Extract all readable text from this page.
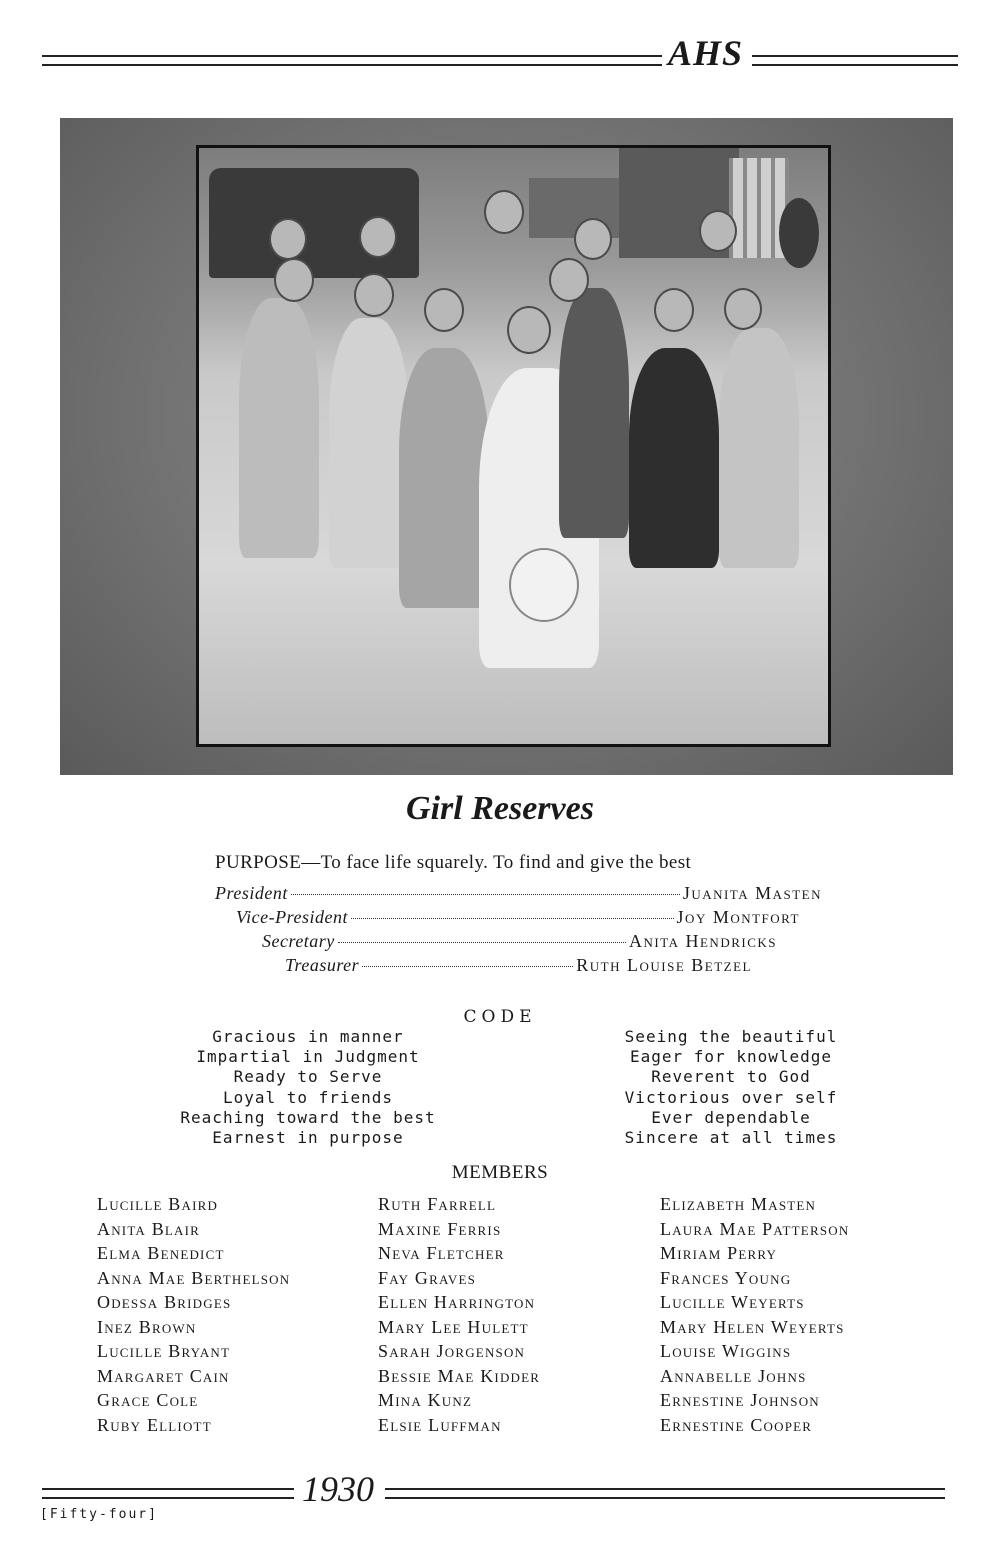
AHS
Girl Reserves
PURPOSE—To face life squarely. To find and give the best
President	Juanita Masten
Vice-President	Joy Montfort
Secretary	Anita Hendricks
Treasurer	Ruth Louise Betzel
CODE
Gracious in manner
Impartial in Judgment
Ready to Serve
Loyal to friends
Reaching toward the best
Earnest in purpose
Seeing the beautiful
Eager for knowledge
Reverent to God
Victorious over self
Ever dependable
Sincere at all times
MEMBERS
Lucille Baird
Anita Blair
Elma Benedict
Anna Mae Berthelson
Odessa Bridges
Inez Brown
Lucille Bryant
Margaret Cain
Grace Cole
Ruby Elliott
Ruth Farrell
Maxine Ferris
Neva Fletcher
Fay Graves
Ellen Harrington
Mary Lee Hulett
Sarah Jorgenson
Bessie Mae Kidder
Mina Kunz
Elsie Luffman
Elizabeth Masten
Laura Mae Patterson
Miriam Perry
Frances Young
Lucille Weyerts
Mary Helen Weyerts
Louise Wiggins
Annabelle Johns
Ernestine Johnson
Ernestine Cooper
1930
[Fifty-four]
